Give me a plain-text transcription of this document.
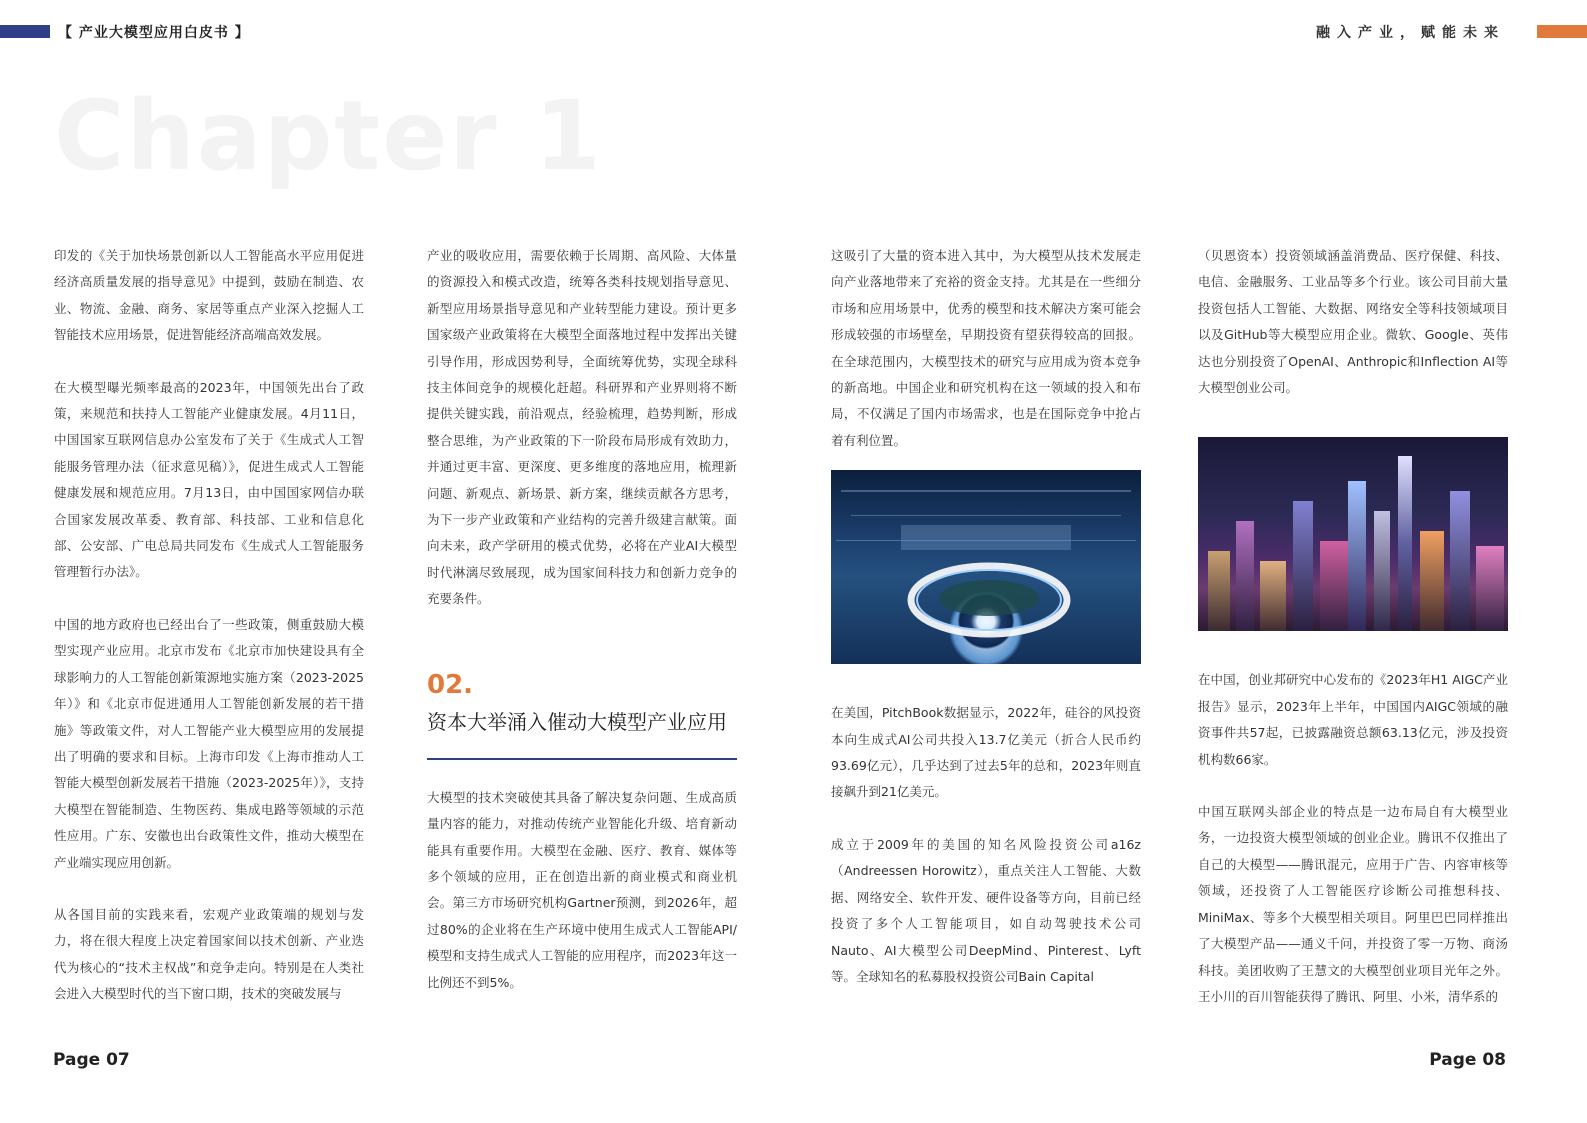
【 产业大模型应用白皮书 】	融入产业，赋能未来
Chapter 1

印发的《关于加快场景创新以人工智能高水平应用促进经济高质量发展的指导意见》中提到，鼓励在制造、农业、物流、金融、商务、家居等重点产业深入挖掘人工智能技术应用场景，促进智能经济高端高效发展。

在大模型曝光频率最高的2023年，中国领先出台了政策，来规范和扶持人工智能产业健康发展。4月11日，中国国家互联网信息办公室发布了关于《生成式人工智能服务管理办法（征求意见稿）》，促进生成式人工智能健康发展和规范应用。7月13日，由中国国家网信办联合国家发展改革委、教育部、科技部、工业和信息化部、公安部、广电总局共同发布《生成式人工智能服务管理暂行办法》。

中国的地方政府也已经出台了一些政策，侧重鼓励大模型实现产业应用。北京市发布《北京市加快建设具有全球影响力的人工智能创新策源地实施方案（2023-2025年）》和《北京市促进通用人工智能创新发展的若干措施》等政策文件，对人工智能产业大模型应用的发展提出了明确的要求和目标。上海市印发《上海市推动人工智能大模型创新发展若干措施（2023-2025年）》，支持大模型在智能制造、生物医药、集成电路等领域的示范性应用。广东、安徽也出台政策性文件，推动大模型在产业端实现应用创新。

从各国目前的实践来看，宏观产业政策端的规划与发力，将在很大程度上决定着国家间以技术创新、产业迭代为核心的“技术主权战”和竞争走向。特别是在人类社会进入大模型时代的当下窗口期，技术的突破发展与

产业的吸收应用，需要依赖于长周期、高风险、大体量的资源投入和模式改造，统筹各类科技规划指导意见、新型应用场景指导意见和产业转型能力建设。预计更多国家级产业政策将在大模型全面落地过程中发挥出关键引导作用，形成因势利导，全面统筹优势，实现全球科技主体间竞争的规模化赶超。科研界和产业界则将不断提供关键实践，前沿观点，经验梳理，趋势判断，形成整合思维，为产业政策的下一阶段布局形成有效助力，并通过更丰富、更深度、更多维度的落地应用，梳理新问题、新观点、新场景、新方案，继续贡献各方思考，为下一步产业政策和产业结构的完善升级建言献策。面向未来，政产学研用的模式优势，必将在产业AI大模型时代淋漓尽致展现，成为国家间科技力和创新力竞争的充要条件。

02.
资本大举涌入催动大模型产业应用

大模型的技术突破使其具备了解决复杂问题、生成高质量内容的能力，对推动传统产业智能化升级、培育新动能具有重要作用。大模型在金融、医疗、教育、媒体等多个领域的应用，正在创造出新的商业模式和商业机会。第三方市场研究机构Gartner预测，到2026年，超过80%的企业将在生产环境中使用生成式人工智能API/模型和支持生成式人工智能的应用程序，而2023年这一比例还不到5%。

这吸引了大量的资本进入其中，为大模型从技术发展走向产业落地带来了充裕的资金支持。尤其是在一些细分市场和应用场景中，优秀的模型和技术解决方案可能会形成较强的市场壁垒，早期投资有望获得较高的回报。在全球范围内，大模型技术的研究与应用成为资本竞争的新高地。中国企业和研究机构在这一领域的投入和布局，不仅满足了国内市场需求，也是在国际竞争中抢占着有利位置。

在美国，PitchBook数据显示，2022年，硅谷的风投资本向生成式AI公司共投入13.7亿美元（折合人民币约93.69亿元），几乎达到了过去5年的总和，2023年则直接飙升到21亿美元。

成立于2009年的美国的知名风险投资公司a16z（Andreessen Horowitz），重点关注人工智能、大数据、网络安全、软件开发、硬件设备等方向，目前已经投资了多个人工智能项目，如自动驾驶技术公司Nauto、AI大模型公司DeepMind、Pinterest、Lyft等。全球知名的私募股权投资公司Bain Capital

（贝恩资本）投资领域涵盖消费品、医疗保健、科技、电信、金融服务、工业品等多个行业。该公司目前大量投资包括人工智能、大数据、网络安全等科技领域项目以及GitHub等大模型应用企业。微软、Google、英伟达也分别投资了OpenAI、Anthropic和Inflection AI等大模型创业公司。

在中国，创业邦研究中心发布的《2023年H1 AIGC产业报告》显示，2023年上半年，中国国内AIGC领域的融资事件共57起，已披露融资总额63.13亿元，涉及投资机构数66家。

中国互联网头部企业的特点是一边布局自有大模型业务，一边投资大模型领域的创业企业。腾讯不仅推出了自己的大模型——腾讯混元，应用于广告、内容审核等领域，还投资了人工智能医疗诊断公司推想科技、MiniMax、等多个大模型相关项目。阿里巴巴同样推出了大模型产品——通义千问，并投资了零一万物、商汤科技。美团收购了王慧文的大模型创业项目光年之外。王小川的百川智能获得了腾讯、阿里、小米，清华系的

Page 07	Page 08
